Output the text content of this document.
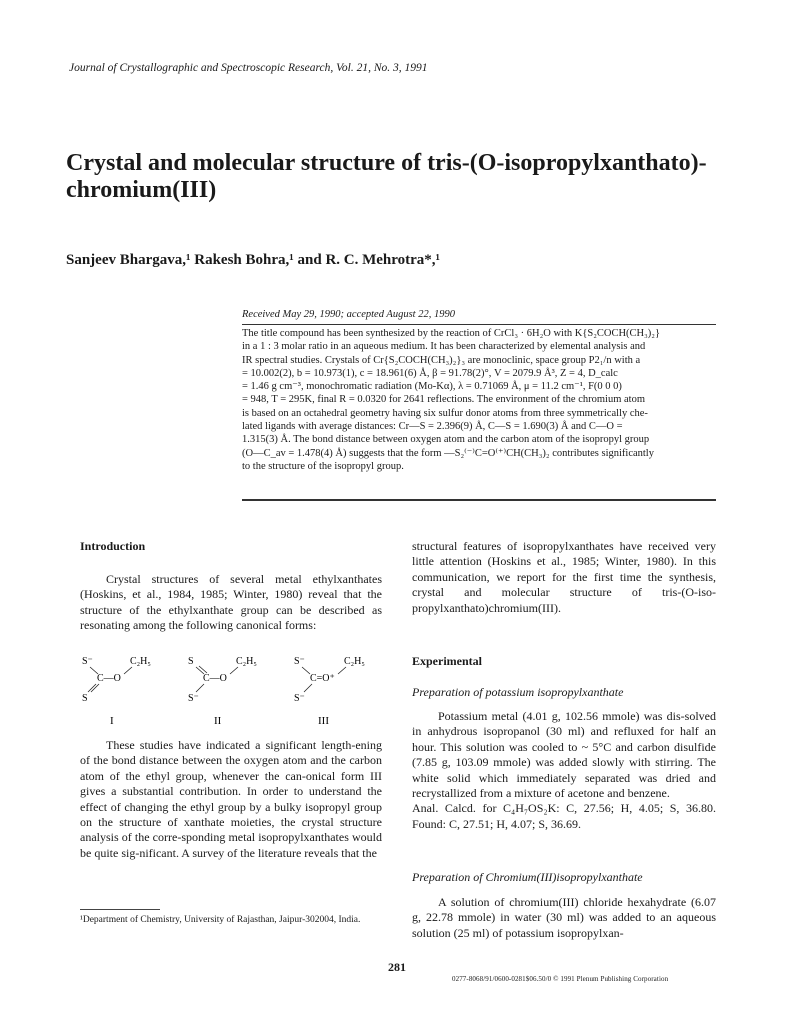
Journal of Crystallographic and Spectroscopic Research, Vol. 21, No. 3, 1991
Crystal and molecular structure of tris-(O-isopropylxanthato)-
chromium(III)
Sanjeev Bhargava,¹ Rakesh Bohra,¹ and R. C. Mehrotra*,¹
Received May 29, 1990; accepted August 22, 1990
The title compound has been synthesized by the reaction of CrCl₃ · 6H₂O with K{S₂COCH(CH₃)₂}
in a 1 : 3 molar ratio in an aqueous medium. It has been characterized by elemental analysis and
IR spectral studies. Crystals of Cr{S₂COCH(CH₃)₂}₃ are monoclinic, space group P2₁/n with a
= 10.002(2), b = 10.973(1), c = 18.961(6) Å, β = 91.78(2)°, V = 2079.9 Å³, Z = 4, D_calc
= 1.46 g cm⁻³, monochromatic radiation (Mo-Kα), λ = 0.71069 Å, μ = 11.2 cm⁻¹, F(0 0 0)
= 948, T = 295K, final R = 0.0320 for 2641 reflections. The environment of the chromium atom
is based on an octahedral geometry having six sulfur donor atoms from three symmetrically che-
lated ligands with average distances: Cr—S = 2.396(9) Å, C—S = 1.690(3) Å and C—O =
1.315(3) Å. The bond distance between oxygen atom and the carbon atom of the isopropyl group
(O—C_av = 1.478(4) Å) suggests that the form —S₂⁽⁻⁾C=O⁽⁺⁾CH(CH₃)₂ contributes significantly
to the structure of the isopropyl group.
Introduction

Crystal structures of several metal ethylxanthates (Hoskins, et al., 1984, 1985; Winter, 1980) reveal that the structure of the ethylxanthate group can be described as resonating among the following canonical forms:

S⁻	C₂H₅
C—O
S
I
S	C₂H₅
C—O
S⁻
II
S⁻	C₂H₅
C=O⁺
S⁻
III

These studies have indicated a significant length-ening of the bond distance between the oxygen atom and the carbon atom of the ethyl group, whenever the can-onical form III gives a substantial contribution. In order to understand the effect of changing the ethyl group by a bulky isopropyl group on the structure of xanthate moieties, the crystal structure analysis of the corre-sponding metal isopropylxanthates would be quite sig-nificant. A survey of the literature reveals that the

¹Department of Chemistry, University of Rajasthan, Jaipur-302004, India.

structural features of isopropylxanthates have received very little attention (Hoskins et al., 1985; Winter, 1980). In this communication, we report for the first time the synthesis, crystal and molecular structure of tris-(O-iso-propylxanthato)chromium(III).

Experimental
Preparation of potassium isopropylxanthate

Potassium metal (4.01 g, 102.56 mmole) was dis-solved in anhydrous isopropanol (30 ml) and refluxed for half an hour. This solution was cooled to ~ 5°C and carbon disulfide (7.85 g, 103.09 mmole) was added slowly with stirring. The white solid which immediately separated was dried and recrystallized from a mixture of acetone and benzene.

Anal. Calcd. for C₄H₇OS₂K: C, 27.56; H, 4.05; S, 36.80. Found: C, 27.51; H, 4.07; S, 36.69.

Preparation of Chromium(III)isopropylxanthate

A solution of chromium(III) chloride hexahydrate (6.07 g, 22.78 mmole) in water (30 ml) was added to an aqueous solution (25 ml) of potassium isopropylxan-

281
0277-8068/91/0600-0281$06.50/0 © 1991 Plenum Publishing Corporation
